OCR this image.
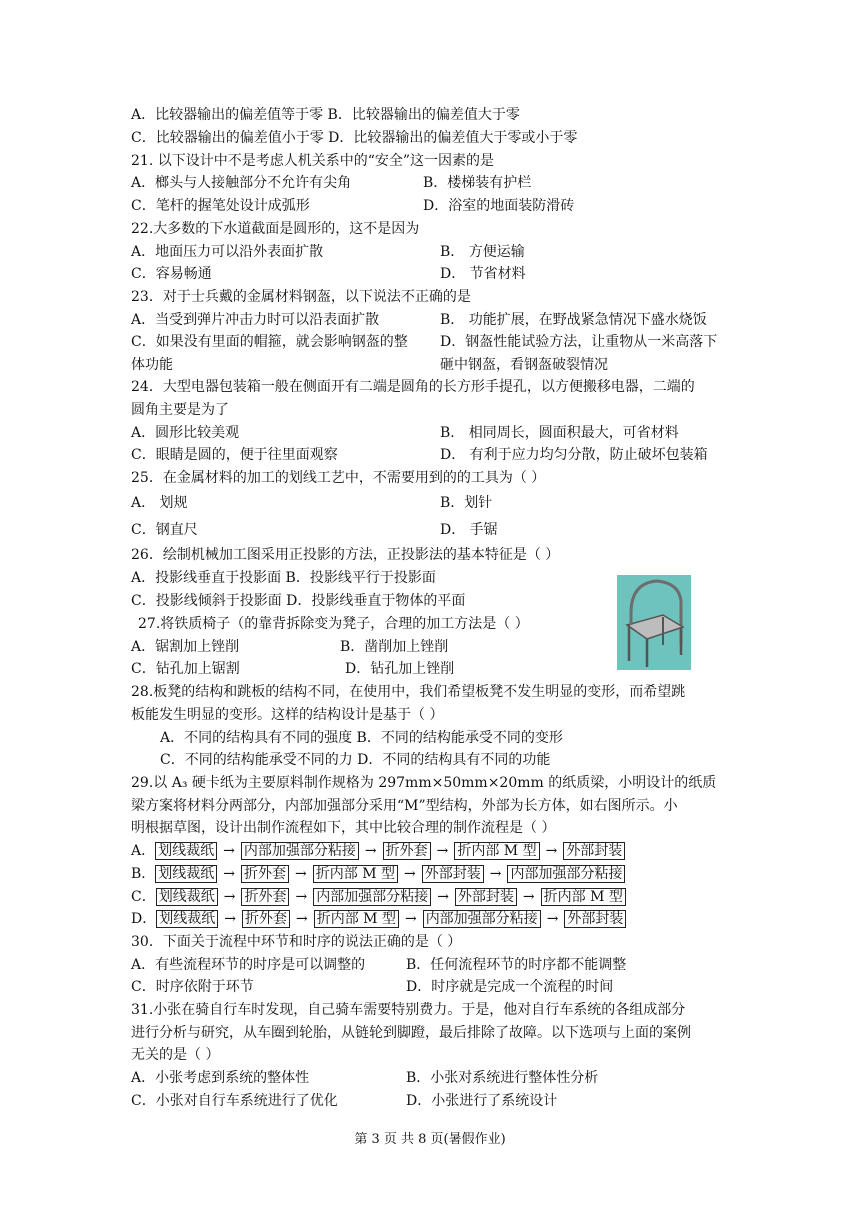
A．比较器输出的偏差值等于零 B．比较器输出的偏差值大于零
C．比较器输出的偏差值小于零 D．比较器输出的偏差值大于零或小于零
21. 以下设计中不是考虑人机关系中的“安全”这一因素的是
A．榔头与人接触部分不允许有尖角	B．楼梯装有护栏
C．笔杆的握笔处设计成弧形	D．浴室的地面装防滑砖
22.大多数的下水道截面是圆形的，这不是因为
A．地面压力可以沿外表面扩散	B． 方便运输
C．容易畅通	D． 节省材料
23．对于士兵戴的金属材料钢盔，以下说法不正确的是
A．当受到弹片冲击力时可以沿表面扩散	B． 功能扩展，在野战紧急情况下盛水烧饭
C．如果没有里面的帽箍，就会影响钢盔的整 D．钢盔性能试验方法，让重物从一米高落下
体功能	砸中钢盔，看钢盔破裂情况
24．大型电器包装箱一般在侧面开有二端是圆角的长方形手提孔，以方便搬移电器，二端的
圆角主要是为了
A．圆形比较美观	B． 相同周长，圆面积最大，可省材料
C．眼睛是圆的，便于往里面观察	D． 有利于应力均匀分散，防止破坏包装箱
25．在金属材料的加工的划线工艺中，不需要用到的的工具为（ ）
A． 划规	B．划针
C．钢直尺	D． 手锯
26．绘制机械加工图采用正投影的方法，正投影法的基本特征是（ ）
A．投影线垂直于投影面 B．投影线平行于投影面
C．投影线倾斜于投影面 D．投影线垂直于物体的平面
27.将铁质椅子（的靠背拆除变为凳子，合理的加工方法是（ ）
A．锯割加上锉削	B．凿削加上锉削
C．钻孔加上锯割	D．钻孔加上锉削
28.板凳的结构和跳板的结构不同，在使用中，我们希望板凳不发生明显的变形，而希望跳
板能发生明显的变形。这样的结构设计是基于（ ）
A．不同的结构具有不同的强度 B．不同的结构能承受不同的变形
C．不同的结构能承受不同的力 D．不同的结构具有不同的功能
29.以 A₃ 硬卡纸为主要原料制作规格为 297mm×50mm×20mm 的纸质梁，小明设计的纸质
梁方案将材料分两部分，内部加强部分采用“M”型结构，外部为长方体，如右图所示。小
明根据草图，设计出制作流程如下，其中比较合理的制作流程是（ ）
A． 划线裁纸 → 内部加强部分粘接 → 折外套 → 折内部 M 型 → 外部封装
B． 划线裁纸 → 折外套 → 折内部 M 型 → 外部封装 → 内部加强部分粘接
C． 划线裁纸 → 折外套 → 内部加强部分粘接 → 外部封装 → 折内部 M 型
D． 划线裁纸 → 折外套 → 折内部 M 型 → 内部加强部分粘接 → 外部封装
30．下面关于流程中环节和时序的说法正确的是（ ）
A．有些流程环节的时序是可以调整的	B．任何流程环节的时序都不能调整
C．时序依附于环节	D．时序就是完成一个流程的时间
31.小张在骑自行车时发现，自己骑车需要特别费力。于是，他对自行车系统的各组成部分
进行分析与研究，从车圈到轮胎，从链轮到脚蹬，最后排除了故障。以下选项与上面的案例
无关的是（ ）
A．小张考虑到系统的整体性	B．小张对系统进行整体性分析
C．小张对自行车系统进行了优化	D．小张进行了系统设计
第 3 页 共 8 页(暑假作业)
